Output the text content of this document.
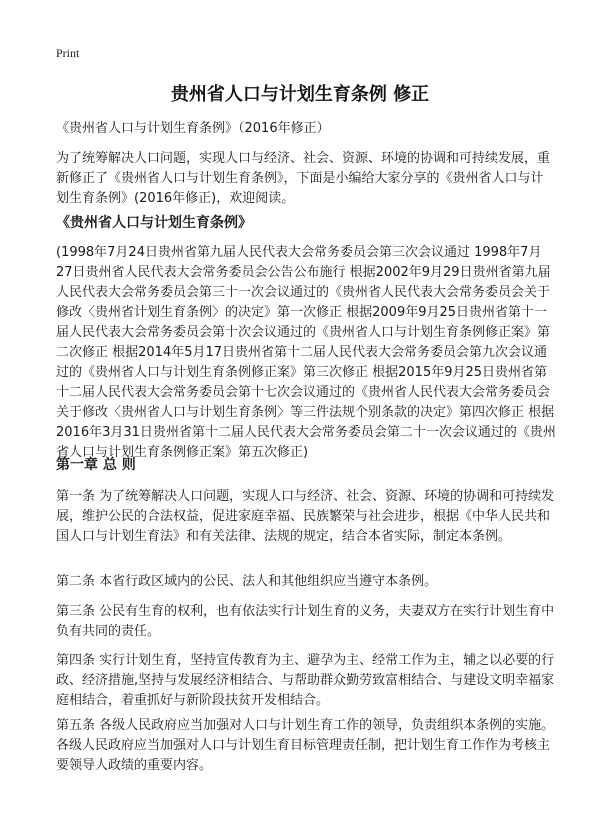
Print
贵州省人口与计划生育条例 修正

《贵州省人口与计划生育条例》（2016年修正）

为了统筹解决人口问题，实现人口与经济、社会、资源、环境的协调和可持续发展，重新修正了《贵州省人口与计划生育条例》，下面是小编给大家分享的《贵州省人口与计划生育条例》(2016年修正)，欢迎阅读。

《贵州省人口与计划生育条例》

(1998年7月24日贵州省第九届人民代表大会常务委员会第三次会议通过 1998年7月27日贵州省人民代表大会常务委员会公告公布施行 根据2002年9月29日贵州省第九届人民代表大会常务委员会第三十一次会议通过的《贵州省人民代表大会常务委员会关于修改〈贵州省计划生育条例〉的决定》第一次修正 根据2009年9月25日贵州省第十一届人民代表大会常务委员会第十次会议通过的《贵州省人口与计划生育条例修正案》第二次修正 根据2014年5月17日贵州省第十二届人民代表大会常务委员会第九次会议通过的《贵州省人口与计划生育条例修正案》第三次修正 根据2015年9月25日贵州省第十二届人民代表大会常务委员会第十七次会议通过的《贵州省人民代表大会常务委员会关于修改〈贵州省人口与计划生育条例〉等三件法规个别条款的决定》第四次修正 根据2016年3月31日贵州省第十二届人民代表大会常务委员会第二十一次会议通过的《贵州省人口与计划生育条例修正案》第五次修正)

第一章 总 则

第一条 为了统筹解决人口问题，实现人口与经济、社会、资源、环境的协调和可持续发展，维护公民的合法权益，促进家庭幸福、民族繁荣与社会进步，根据《中华人民共和国人口与计划生育法》和有关法律、法规的规定，结合本省实际，制定本条例。

第二条 本省行政区域内的公民、法人和其他组织应当遵守本条例。

第三条 公民有生育的权利，也有依法实行计划生育的义务，夫妻双方在实行计划生育中负有共同的责任。

第四条 实行计划生育，坚持宣传教育为主、避孕为主、经常工作为主，辅之以必要的行政、经济措施,坚持与发展经济相结合、与帮助群众勤劳致富相结合、与建设文明幸福家庭相结合，着重抓好与新阶段扶贫开发相结合。

第五条 各级人民政府应当加强对人口与计划生育工作的领导，负责组织本条例的实施。各级人民政府应当加强对人口与计划生育目标管理责任制，把计划生育工作作为考核主要领导人政绩的重要内容。
